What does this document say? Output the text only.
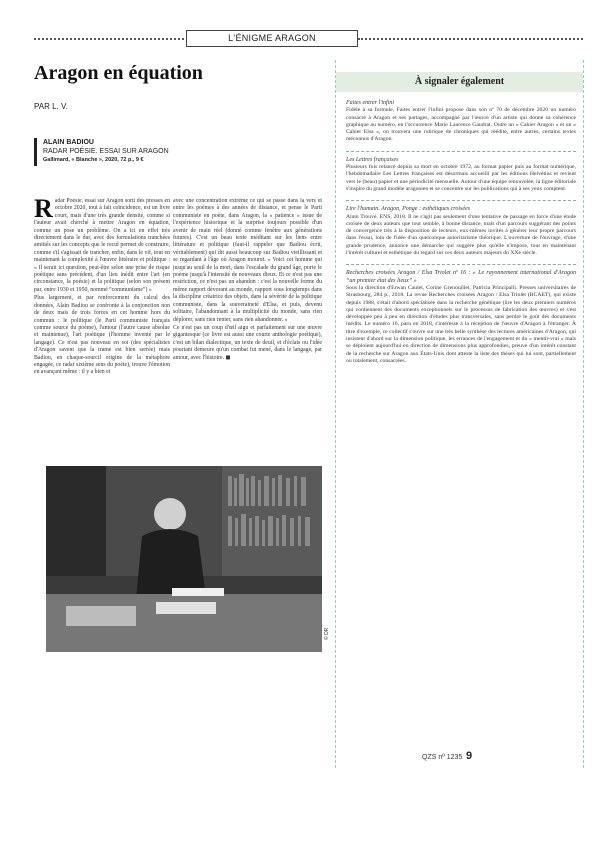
L'ÉNIGME ARAGON
Aragon en équation
PAR L. V.
ALAIN BADIOU
RADAR POÉSIE. ESSAI SUR ARAGON
Gallimard, « Blanche », 2020, 72 p., 9 €

Radar Poésie, essai sur Aragon sorti des presses en octobre 2020, tout à fait coïncidence, est un livre court, mais d'une très grande densité, comme si l'auteur avait cherché à mettre Aragon en équation, comme un pose un problème. On a ici en effet très directement dans le dur, avec des formulations tranchées amitiés sur les concepts que le recul permet de construire, comme s'il s'agissait de trancher, enfin, dans le vif, tout en maintenant la complexité à l'œuvre littéraire et politique : « Il serait ici question, peut-être selon une prise de risque poétique sans précédent, d'un lieu inédit entre l'art (en circonstance, la poésie) et la politique (selon son présent par, entre 1930 et 1950, nommé “communisme”) »

Plus largement, et par renforcement du calcul des données, Alain Badiou se confronte à la conjonction non de deux mais de trois forces en cet homme hors du commun : le politique (le Parti communiste français comme source du poème), l'amour (l'autre cause absolue et maintenue), l'art poétique (l'homme inventé par le langage). Ce n'est pas nouveau en soi (des spécialistes d'Aragon savent que la trame est bien serrée) mais Badiou, en chaque-sourcil origine de la métaphore engagée, ce radar sixième sens du poète), trouve l'émotion en avançant même : il y a bien et

avec une concentration extrême ce qui se passe dans la vers et entre les poèmes à des années de distance, et pense le Parti communiste en poète, dans Aragon, la « patience » issue de l'expérience historique et la surprise toujours possible d'un avenir de main réel (donné comme fenêtre aux générations futures). C'est un beau texte méditant sur les liens entre littérature et politique (faut-il rappeler que Badiou écrit, véritablement) qui dit aussi beaucoup sur Badiou vieillissant et se regardant à l'âge où Aragon mourut. « Voici cet homme qui jusqu'au seuil de la mort, dans l'escalade du grand âge, porte le poème jusqu'à l'intensité de nouveaux dieux. Et ce n'est pas une restriction, ce n'est pas un abandon : c'est la nouvelle forme du même rapport dévorant au monde, rapport sous longtemps dans la discipline créatrice des objets, dans la sévérité de la politique communiste, dans la souveraineté d'Elsa, et puis, devenu solitaire, l'abandonnant à la multiplicité du monde, sans rien déplorer, sans rien renier, sans rien abandonner. »

Ce n'est pas un coup d'œil aigu et parfaitement sur une œuvre gigantesque (ce livre est aussi une courte anthologie poétique), c'est un bilan dialectique, un texte de deuil, et d'éclats ou l'idée pourtant demeure qu'un combat fut mené, dans le langage, par amour, avec l'histoire. ◼

© DR
À signaler également
Faites entrer l'infini
Fidèle à sa formule, Faites entrer l'infini propose dans son nº 70 de décembre 2020 un numéro consacré à Aragon et ses partages, accompagné par l'œuvre d'un artiste qui donne sa cohérence graphique au numéro, en l'occurrence Marie Laurence Gaudrat. Outre un « Cahier Aragon » et un « Cahier Elsa », on trouvera une rubrique de chroniques qui réédite, entre autres, certains textes méconnus d'Aragon.
Les Lettres françaises
Plusieurs fois relancé depuis sa mort en octobre 1972, au format papier puis au format numérique, l'hebdomadaire Les Lettres françaises est désormais accueilli par les éditions Helvétius et revient vers le (beau) papier et une périodicité mensuelle. Autour d'une équipe renouvelée, la ligne éditoriale s'inspire du grand modèle aragonien et se concentre sur les publications qui à ses yeux comptent.
Lire l'humain. Aragon, Ponge : esthétiques croisées
Alain Trouvé. ENS, 2018. Il ne s'agit pas seulement d'une tentative de passage en force d'une étude croisée de deux auteurs que tout semble, à bonne distance, mais d'un parcours suggérant des points de convergence très à la disposition de lecteurs, eux-mêmes invités à générer leur propre parcours dans l'essai, loin de l'idée d'un quelconque autoritarisme théorique. L'ouverture de l'ouvrage, d'une grande prudence, annonce une démarche qui suggère plus qu'elle n'impose, tout en maintenant l'intérêt culturel et esthétique du regard sur ces deux auteurs majeurs du XXe siècle.
Recherches croisées Aragon / Elsa Triolet nº 16 : « Le rayonnement international d'Aragon “un premier état des lieux” »
Sous la direction d'Erwan Caulet, Corine Grenouillet, Patricia Principalli. Presses universitaires de Strasbourg, 284 p., 2018. La revue Recherches croisées Aragon / Elsa Triolet (RCAET), qui existe depuis 1988, s'était d'abord spécialisée dans la recherche génétique (lire les deux premiers numéros qui contiennent des documents exceptionnels sur le processus de fabrication des œuvres) et s'est développée peu à peu en direction d'études plus transversales, sans perdre le goût des documents inédits. Le numéro 16, paru en 2018, s'intéresse à la réception de l'œuvre d'Aragon à l'étranger. À titre d'exemple, ce collectif s'ouvre sur une très belle synthèse des lectures américaines d'Aragon, qui insistent d'abord sur la dimension politique, les errances de l'engagement et du « mentir-vrai » mais se déploient aujourd'hui en direction de dimensions plus approfondies, preuve d'un intérêt constant de la recherche sur Aragon aux États-Unis dont atteste la liste des thèses qui lui sont, partiellement ou totalement, consacrées.
QZS nº 1235 9
